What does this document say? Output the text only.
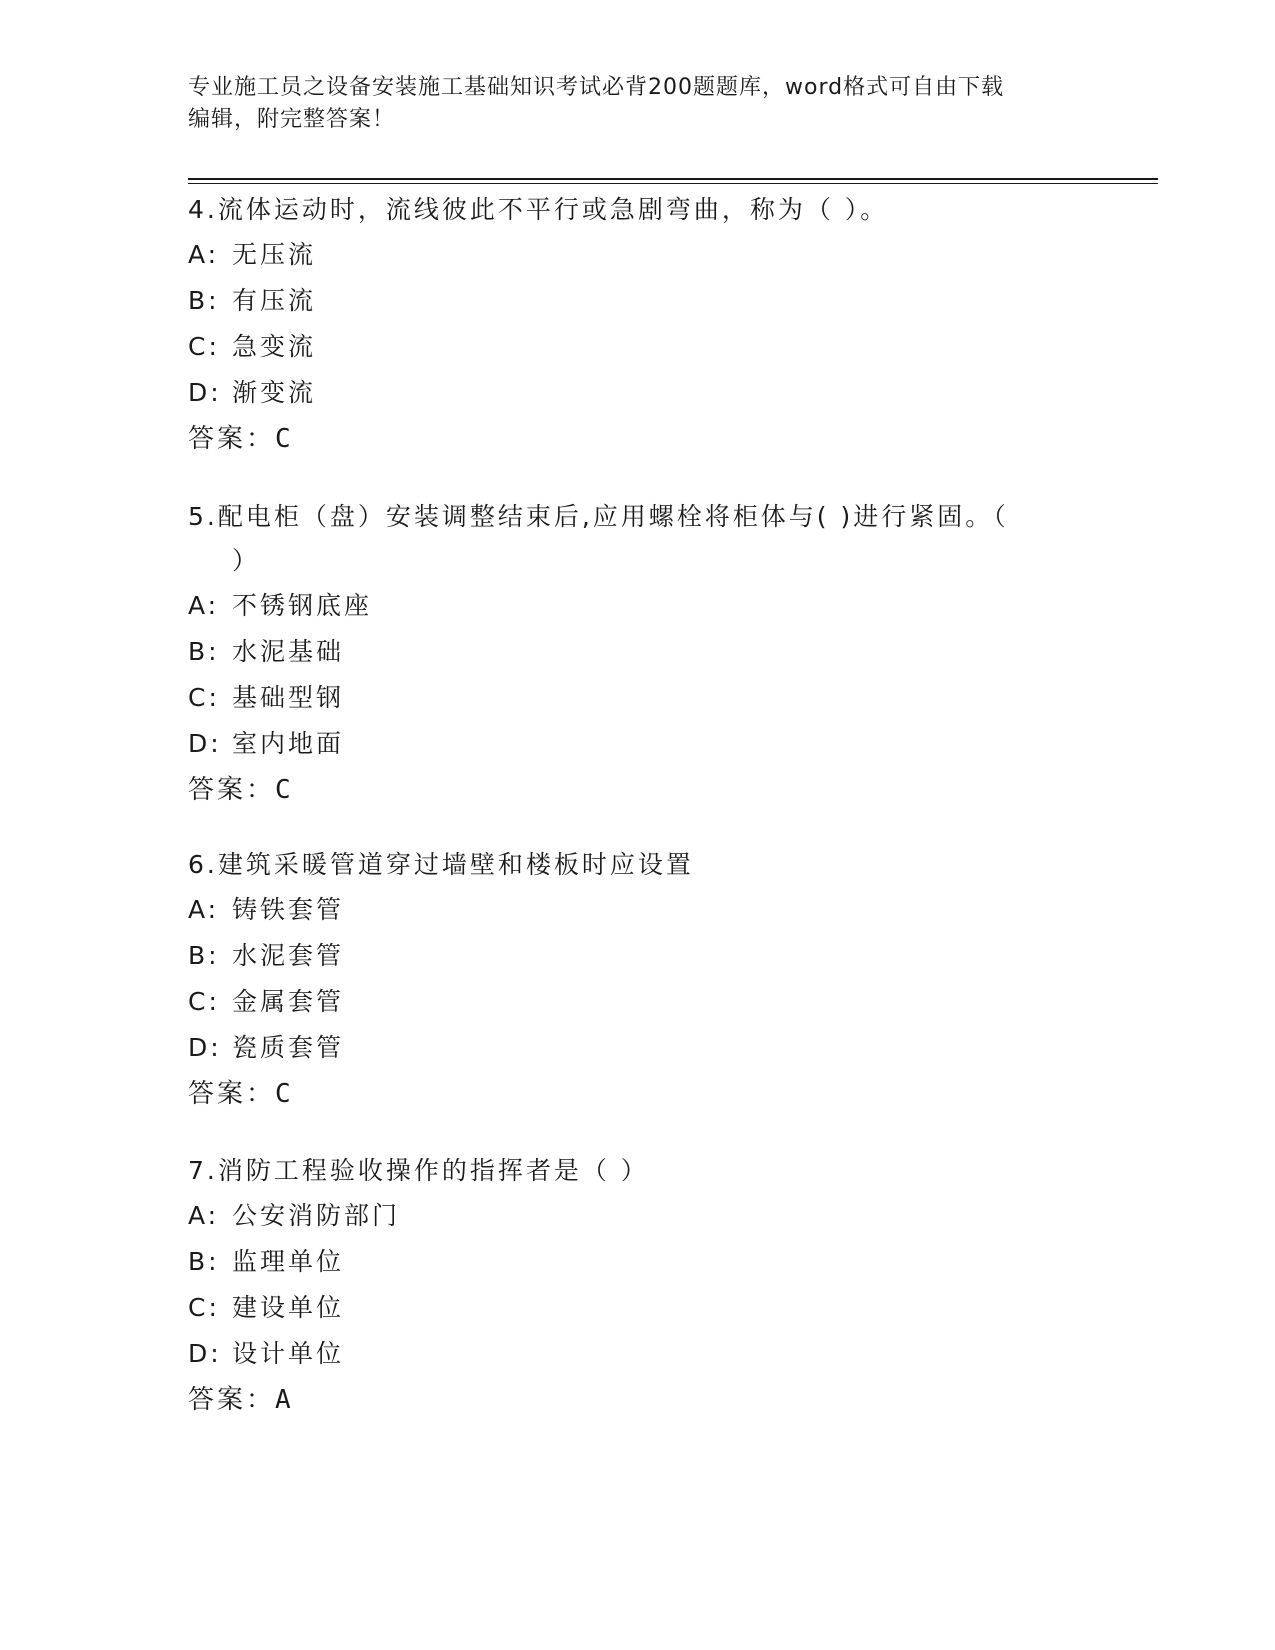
专业施工员之设备安装施工基础知识考试必背200题题库，word格式可自由下载
编辑，附完整答案！

4.流体运动时，流线彼此不平行或急剧弯曲，称为（ ）。

A: 无压流

B: 有压流

C: 急变流

D: 渐变流

答案：C

5.配电柜（盘）安装调整结束后,应用螺栓将柜体与( )进行紧固。（
）

A: 不锈钢底座

B: 水泥基础

C: 基础型钢

D: 室内地面

答案：C

6.建筑采暖管道穿过墙壁和楼板时应设置

A: 铸铁套管

B: 水泥套管

C: 金属套管

D: 瓷质套管

答案：C

7.消防工程验收操作的指挥者是（ ）

A: 公安消防部门

B: 监理单位

C: 建设单位

D: 设计单位

答案：A
